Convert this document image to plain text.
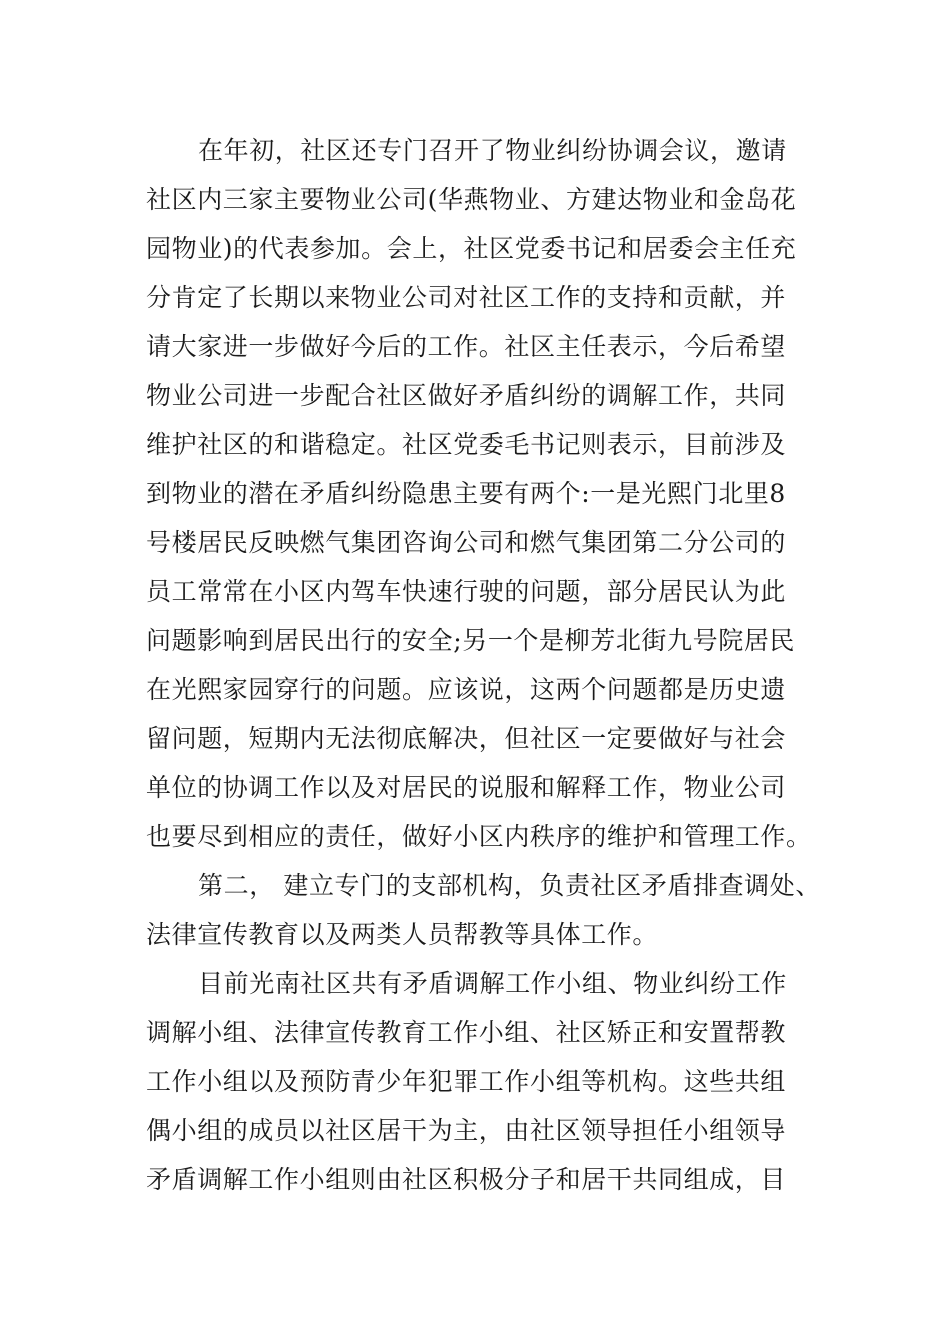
在年初，社区还专门召开了物业纠纷协调会议，邀请
社区内三家主要物业公司(华燕物业、方建达物业和金岛花
园物业)的代表参加。会上，社区党委书记和居委会主任充
分肯定了长期以来物业公司对社区工作的支持和贡献，并
请大家进一步做好今后的工作。社区主任表示，今后希望
物业公司进一步配合社区做好矛盾纠纷的调解工作，共同
维护社区的和谐稳定。社区党委毛书记则表示，目前涉及
到物业的潜在矛盾纠纷隐患主要有两个:一是光熙门北里8
号楼居民反映燃气集团咨询公司和燃气集团第二分公司的
员工常常在小区内驾车快速行驶的问题，部分居民认为此
问题影响到居民出行的安全;另一个是柳芳北街九号院居民
在光熙家园穿行的问题。应该说，这两个问题都是历史遗
留问题，短期内无法彻底解决，但社区一定要做好与社会
单位的协调工作以及对居民的说服和解释工作，物业公司
也要尽到相应的责任，做好小区内秩序的维护和管理工作。
第二， 建立专门的支部机构，负责社区矛盾排查调处、
法律宣传教育以及两类人员帮教等具体工作。
目前光南社区共有矛盾调解工作小组、物业纠纷工作
调解小组、法律宣传教育工作小组、社区矫正和安置帮教
工作小组以及预防青少年犯罪工作小组等机构。这些共组
偶小组的成员以社区居干为主，由社区领导担任小组领导
矛盾调解工作小组则由社区积极分子和居干共同组成，目
